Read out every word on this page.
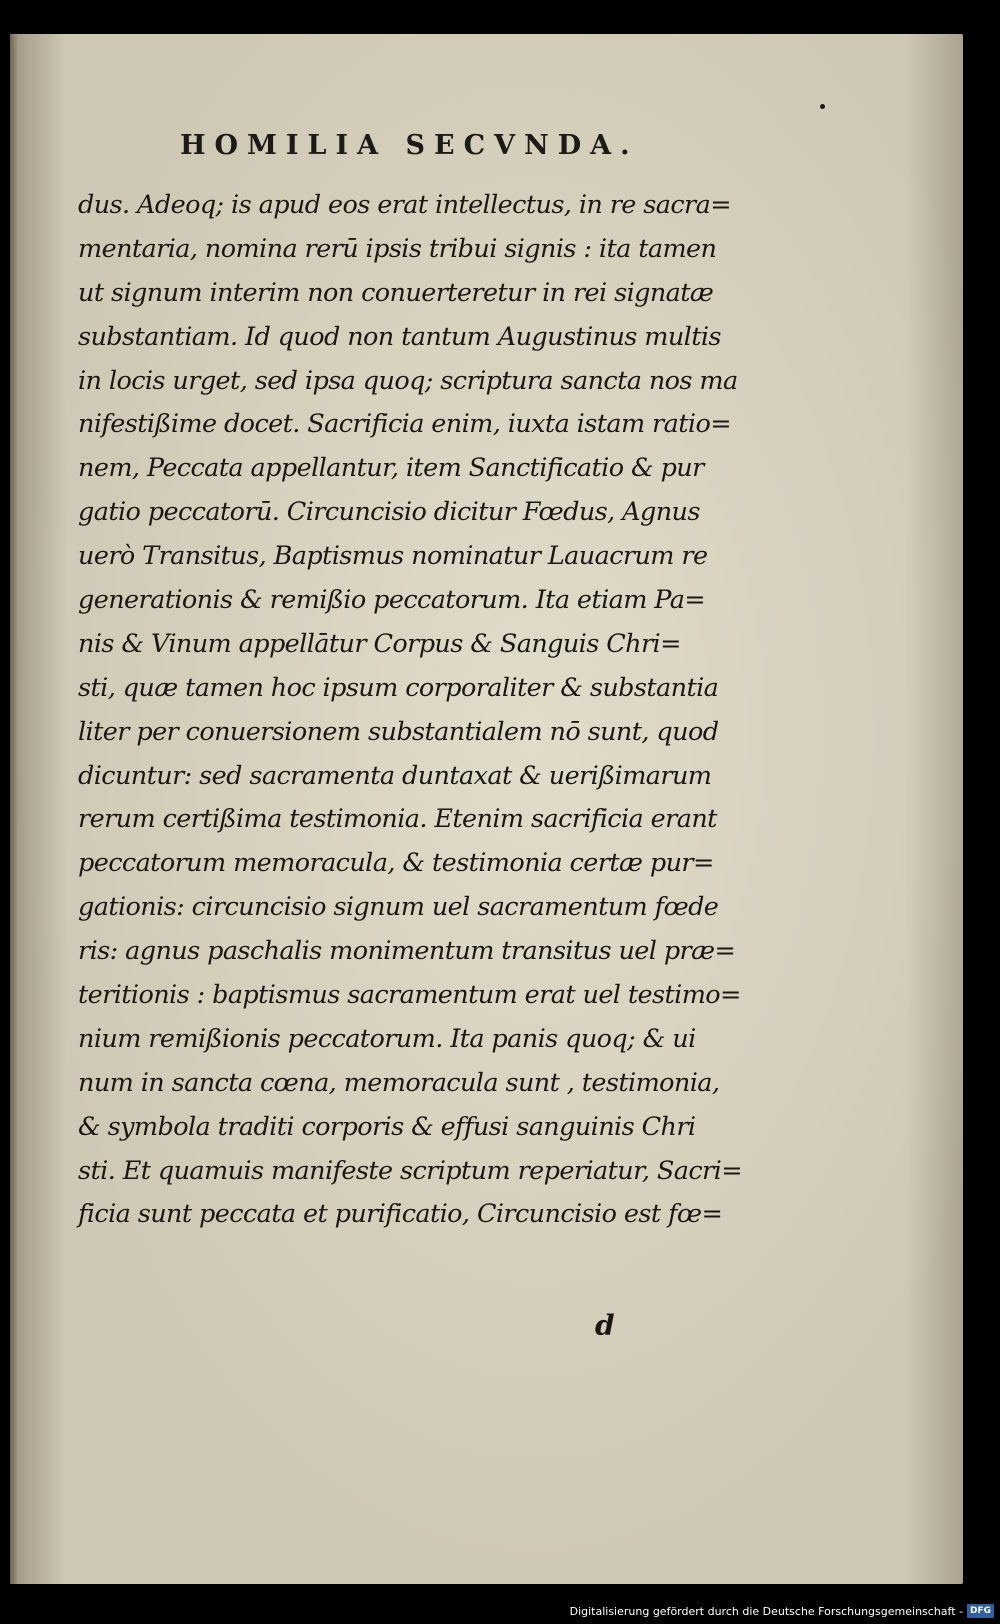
HOMILIA SECVNDA.
dus. Adeoq; is apud eos erat intellectus, in re sacra=
mentaria, nomina rerū ipsis tribui signis : ita tamen
ut signum interim non conuerteretur in rei signatæ
substantiam. Id quod non tantum Augustinus multis
in locis urget, sed ipsa quoq; scriptura sancta nos ma
nifestißime docet. Sacrificia enim, iuxta istam ratio=
nem, Peccata appellantur, item Sanctificatio & pur
gatio peccatorū. Circuncisio dicitur Fœdus, Agnus
uerò Transitus, Baptismus nominatur Lauacrum re
generationis & remißio peccatorum. Ita etiam Pa=
nis & Vinum appellātur Corpus & Sanguis Chri=
sti, quæ tamen hoc ipsum corporaliter & substantia
liter per conuersionem substantialem nō sunt, quod
dicuntur: sed sacramenta duntaxat & uerißimarum
rerum certißima testimonia. Etenim sacrificia erant
peccatorum memoracula, & testimonia certæ pur=
gationis: circuncisio signum uel sacramentum fœde
ris: agnus paschalis monimentum transitus uel præ=
teritionis : baptismus sacramentum erat uel testimo=
nium remißionis peccatorum. Ita panis quoq; & ui
num in sancta cœna, memoracula sunt , testimonia,
& symbola traditi corporis & effusi sanguinis Chri
sti. Et quamuis manifeste scriptum reperiatur, Sacri=
ficia sunt peccata et purificatio, Circuncisio est fœ=
d
Digitalisierung gefördert durch die Deutsche Forschungsgemeinschaft - DFG
